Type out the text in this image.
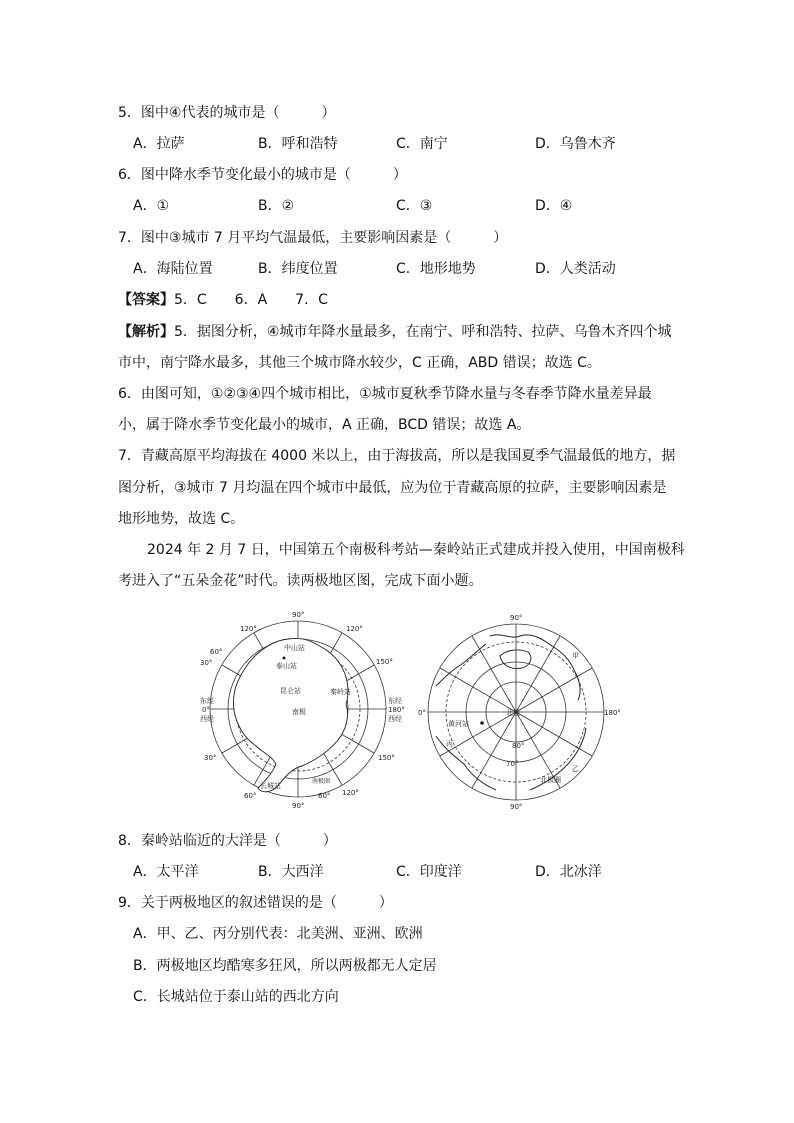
5．图中④代表的城市是（　　　）
A．拉萨	B．呼和浩特	C．南宁	D．乌鲁木齐
6．图中降水季节变化最小的城市是（　　　）
A．①	B．②	C．③	D．④
7．图中③城市 7 月平均气温最低，主要影响因素是（　　　）
A．海陆位置	B．纬度位置	C．地形地势	D．人类活动
【答案】5．C　　6．A　　7．C
【解析】5．据图分析，④城市年降水量最多，在南宁、呼和浩特、拉萨、乌鲁木齐四个城
市中，南宁降水最多，其他三个城市降水较少，C 正确，ABD 错误；故选 C。
6．由图可知，①②③④四个城市相比，①城市夏秋季节降水量与冬春季节降水量差异最
小，属于降水季节变化最小的城市，A 正确，BCD 错误；故选 A。
7．青藏高原平均海拔在 4000 米以上，由于海拔高，所以是我国夏季气温最低的地方，据
图分析，③城市 7 月均温在四个城市中最低，应为位于青藏高原的拉萨，主要影响因素是
地形地势，故选 C。
2024 年 2 月 7 日，中国第五个南极科考站—秦岭站正式建成并投入使用，中国南极科
考进入了“五朵金花”时代。读两极地区图，完成下面小题。
90°
120°	120°
60°
150°
30°
东经
0°
西经
东经
180°
西经
30°	150°
60°	60°
90°
120°
中山站
泰山站
昆仑站	秦岭站
南极
长城站
南极圈
90°
0°	180°
90°
北极
黄河站
80°
70°
甲
乙
丙
北极圈
8．秦岭站临近的大洋是（　　　）
A．太平洋	B．大西洋	C．印度洋	D．北冰洋
9．关于两极地区的叙述错误的是（　　　）
A．甲、乙、丙分别代表：北美洲、亚洲、欧洲
B．两极地区均酷寒多狂风，所以两极都无人定居
C．长城站位于泰山站的西北方向
